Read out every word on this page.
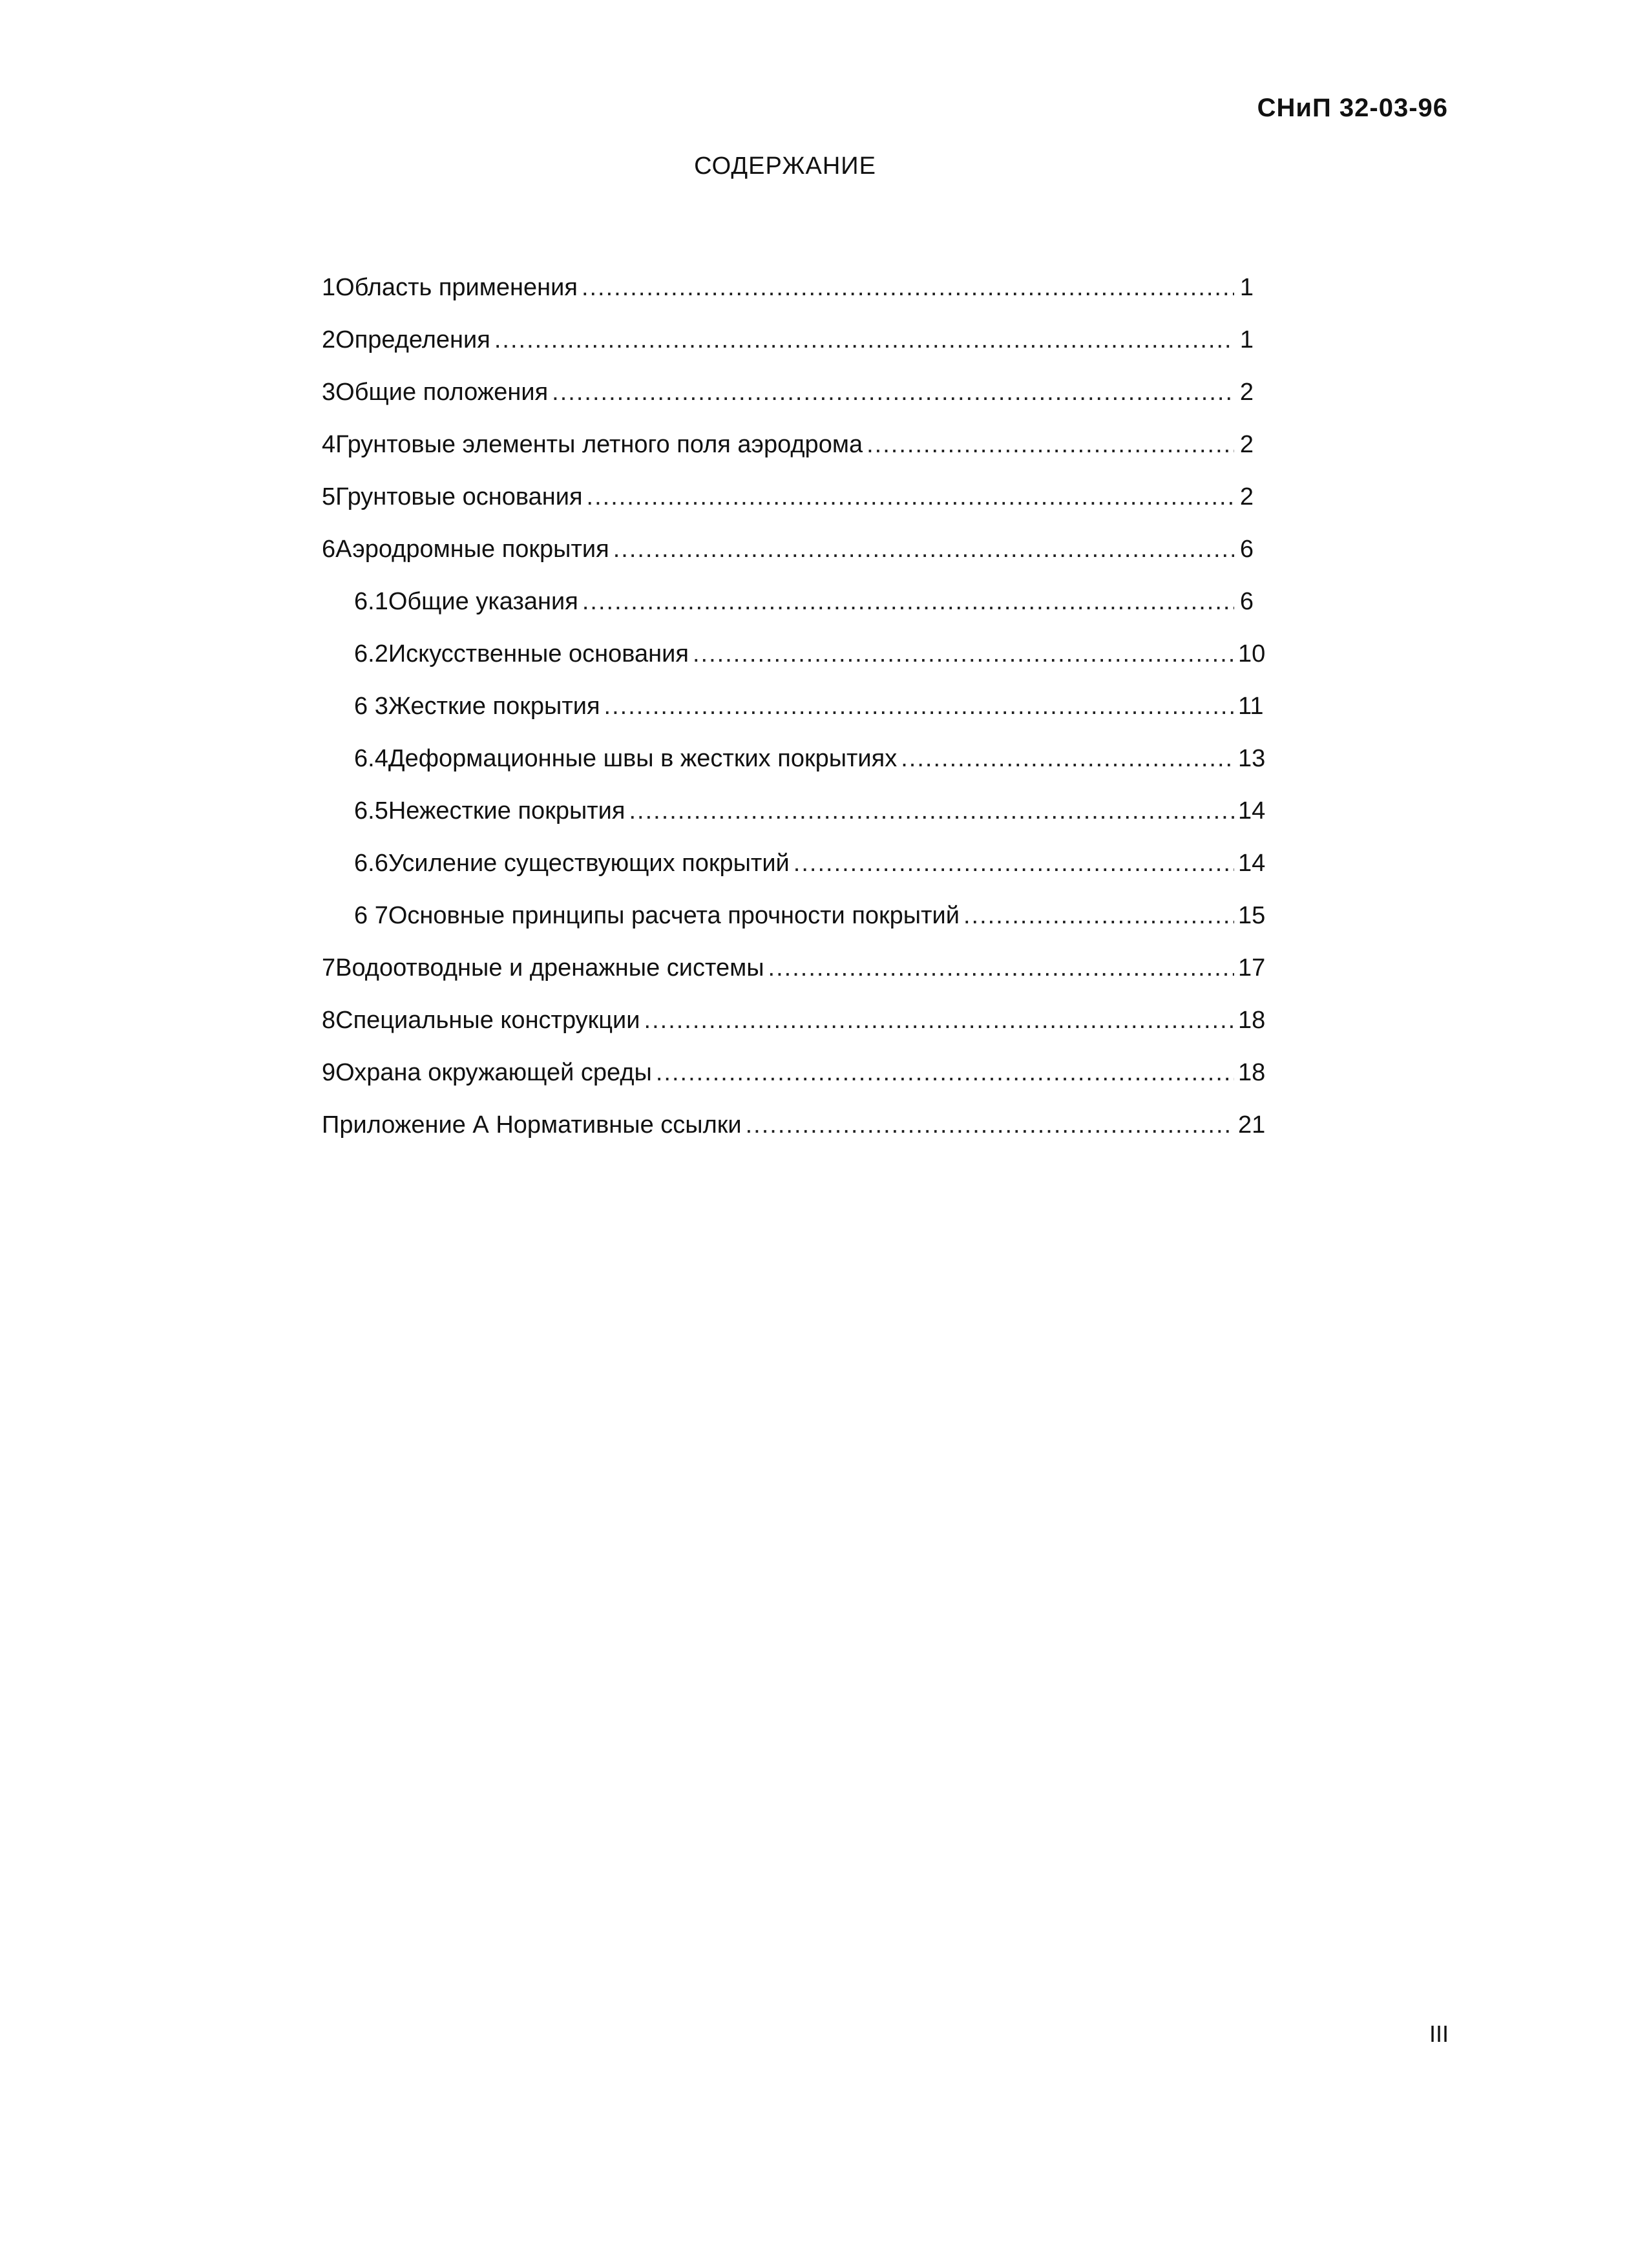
СНиП 32-03-96
СОДЕРЖАНИЕ
1 Область применения .....	1
2 Определения .....	1
3 Общие положения .....	2
4 Грунтовые элементы летного поля аэродрома .....	2
5 Грунтовые основания .....	2
6 Аэродромные покрытия .....	6
6.1 Общие указания .....	6
6.2 Искусственные основания .....	10
6 3 Жесткие покрытия .....	11
6.4 Деформационные швы в жестких покрытиях .....	13
6.5 Нежесткие покрытия .....	14
6.6 Усиление существующих покрытий .....	14
6 7 Основные принципы расчета прочности покрытий .....	15
7 Водоотводные и дренажные системы .....	17
8 Специальные конструкции .....	18
9 Охрана окружающей среды .....	18
Приложение А Нормативные ссылки .....	21
III
